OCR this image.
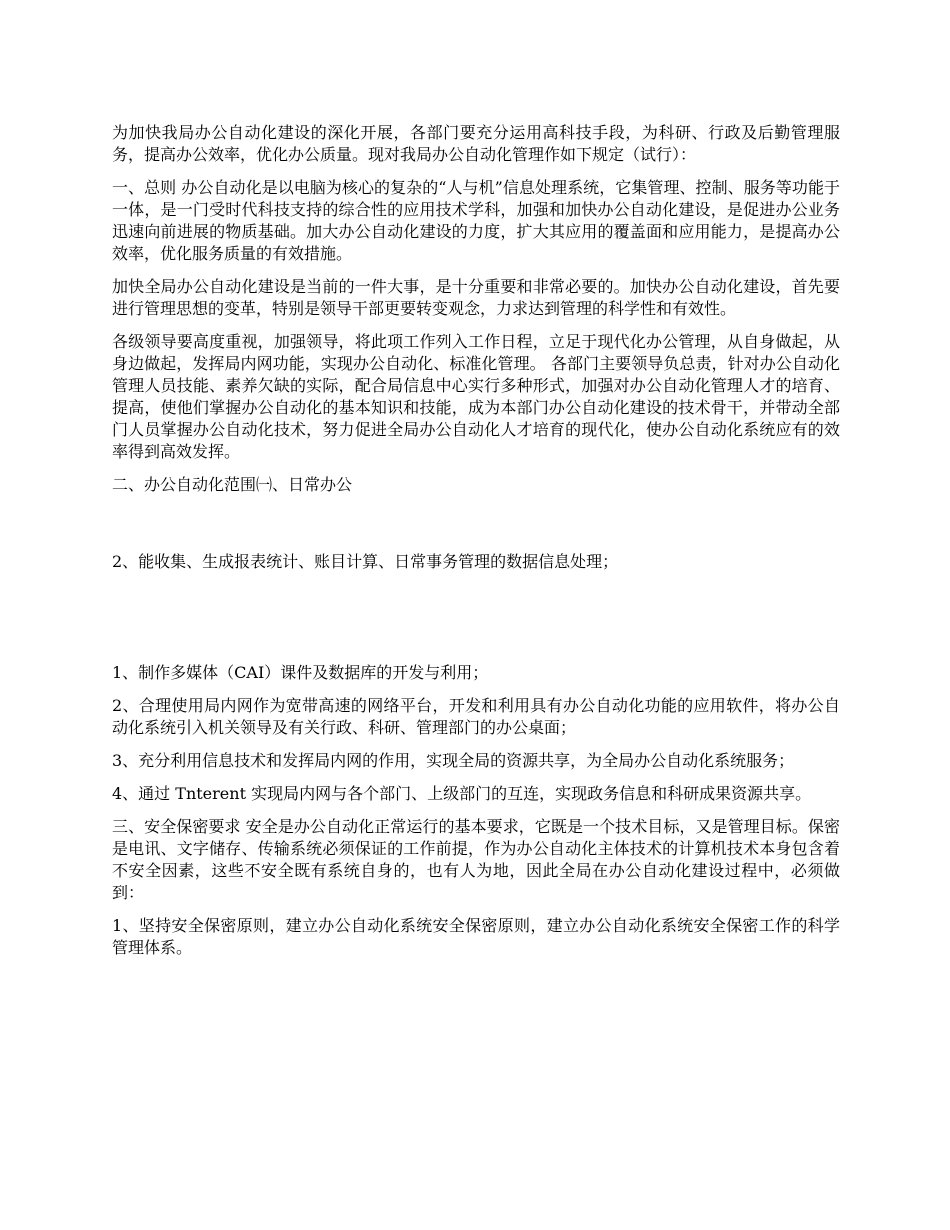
为加快我局办公自动化建设的深化开展，各部门要充分运用高科技手段，为科研、行政及后勤管理服务，提高办公效率，优化办公质量。现对我局办公自动化管理作如下规定（试行）：

一、总则 办公自动化是以电脑为核心的复杂的“人与机”信息处理系统，它集管理、控制、服务等功能于一体，是一门受时代科技支持的综合性的应用技术学科，加强和加快办公自动化建设，是促进办公业务迅速向前进展的物质基础。加大办公自动化建设的力度，扩大其应用的覆盖面和应用能力，是提高办公效率，优化服务质量的有效措施。

加快全局办公自动化建设是当前的一件大事，是十分重要和非常必要的。加快办公自动化建设，首先要进行管理思想的变革，特别是领导干部更要转变观念，力求达到管理的科学性和有效性。

各级领导要高度重视，加强领导，将此项工作列入工作日程，立足于现代化办公管理，从自身做起，从身边做起，发挥局内网功能，实现办公自动化、标准化管理。 各部门主要领导负总责，针对办公自动化管理人员技能、素养欠缺的实际，配合局信息中心实行多种形式，加强对办公自动化管理人才的培育、提高，使他们掌握办公自动化的基本知识和技能，成为本部门办公自动化建设的技术骨干，并带动全部门人员掌握办公自动化技术，努力促进全局办公自动化人才培育的现代化，使办公自动化系统应有的效率得到高效发挥。

二、办公自动化范围㈠、日常办公

2、能收集、生成报表统计、账目计算、日常事务管理的数据信息处理；

1、制作多媒体（CAI）课件及数据库的开发与利用；

2、合理使用局内网作为宽带高速的网络平台，开发和利用具有办公自动化功能的应用软件，将办公自动化系统引入机关领导及有关行政、科研、管理部门的办公桌面；

3、充分利用信息技术和发挥局内网的作用，实现全局的资源共享，为全局办公自动化系统服务；

4、通过 Tnterent 实现局内网与各个部门、上级部门的互连，实现政务信息和科研成果资源共享。

三、安全保密要求 安全是办公自动化正常运行的基本要求，它既是一个技术目标，又是管理目标。保密是电讯、文字储存、传输系统必须保证的工作前提，作为办公自动化主体技术的计算机技术本身包含着不安全因素，这些不安全既有系统自身的，也有人为地，因此全局在办公自动化建设过程中，必须做到：

1、坚持安全保密原则，建立办公自动化系统安全保密原则，建立办公自动化系统安全保密工作的科学管理体系。
